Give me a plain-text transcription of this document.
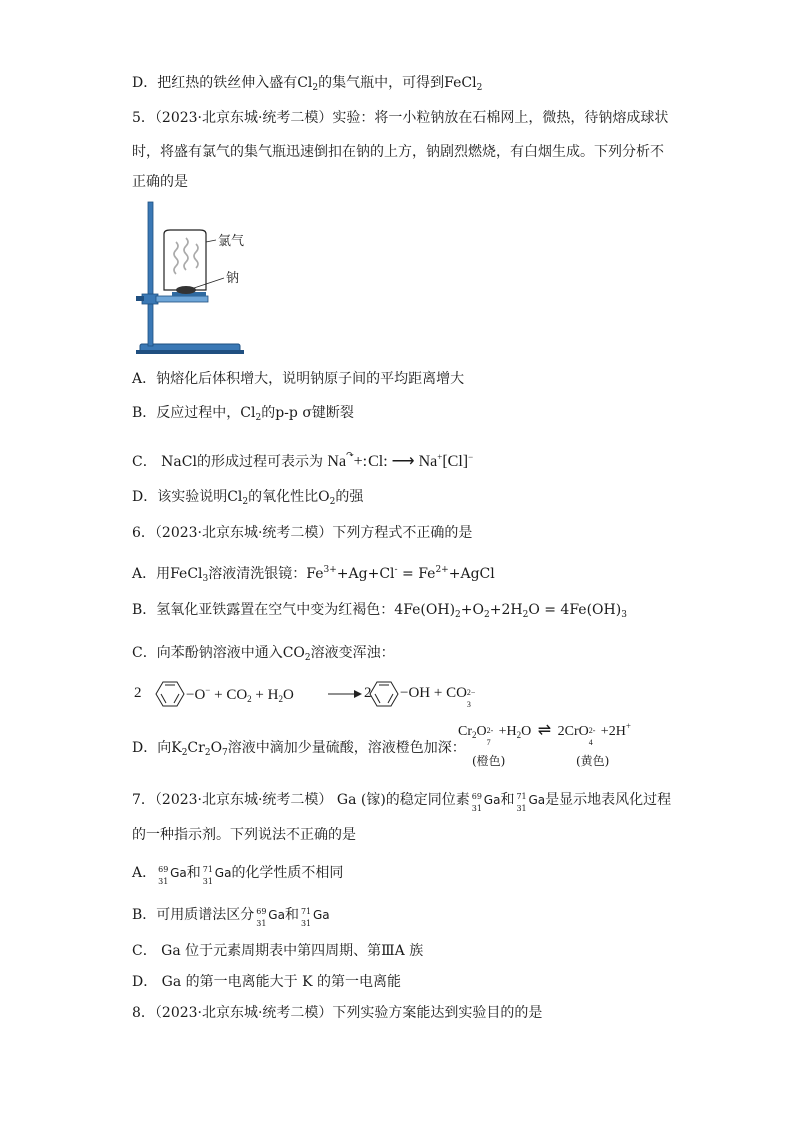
D．把红热的铁丝伸入盛有$Cl_2$的集气瓶中，可得到FeCl$_2$
5．（2023·北京东城·统考二模）实验：将一小粒钠放在石棉网上，微热，待钠熔成球状
时，将盛有氯气的集气瓶迅速倒扣在钠的上方，钠剧烈燃烧，有白烟生成。下列分析不
正确的是
氯气
钠
A．钠熔化后体积增大，说明钠原子间的平均距离增大
B．反应过程中，$Cl_2$的p-p σ键断裂
C． NaCl的形成过程可表示为 Na↷+:Cl: ⟶ Na+[Cl]−
D．该实验说明$Cl_2$的氧化性比$O_2$的强
6．（2023·北京东城·统考二模）下列方程式不正确的是
A．用FeCl$_3$溶液清洗银镜：$Fe^{3+}+Ag+Cl^-$ = $Fe^{2+}+AgCl$
B．氢氧化亚铁露置在空气中变为红褐色：$4Fe(OH)_2+O_2+2H_2O = 4Fe(OH)_3$
C．向苯酚钠溶液中通入$CO_2$溶液变浑浊：
2	$-O^- + CO_2 + H_2O$	2 −OH + CO 2−
3
D．向$K_2Cr_2O_7$溶液中滴加少量硫酸，溶液橙色加深：
$Cr_2O$ 2-
7
$+H_2O$ ⇌ 2CrO 2-
4
+2H+
(橙色)	(黄色)
7．（2023·北京东城·统考二模） Ga (镓)的稳定同位素 69
31
Ga和 71
31
Ga是显示地表风化过程
的一种指示剂。下列说法不正确的是
A． 69
31
Ga和 71
31
Ga的化学性质不相同
B．可用质谱法区分 69
31
Ga和 71
31
Ga
C． Ga 位于元素周期表中第四周期、第ⅢA 族
D． Ga 的第一电离能大于 K 的第一电离能
8．（2023·北京东城·统考二模）下列实验方案能达到实验目的的是
